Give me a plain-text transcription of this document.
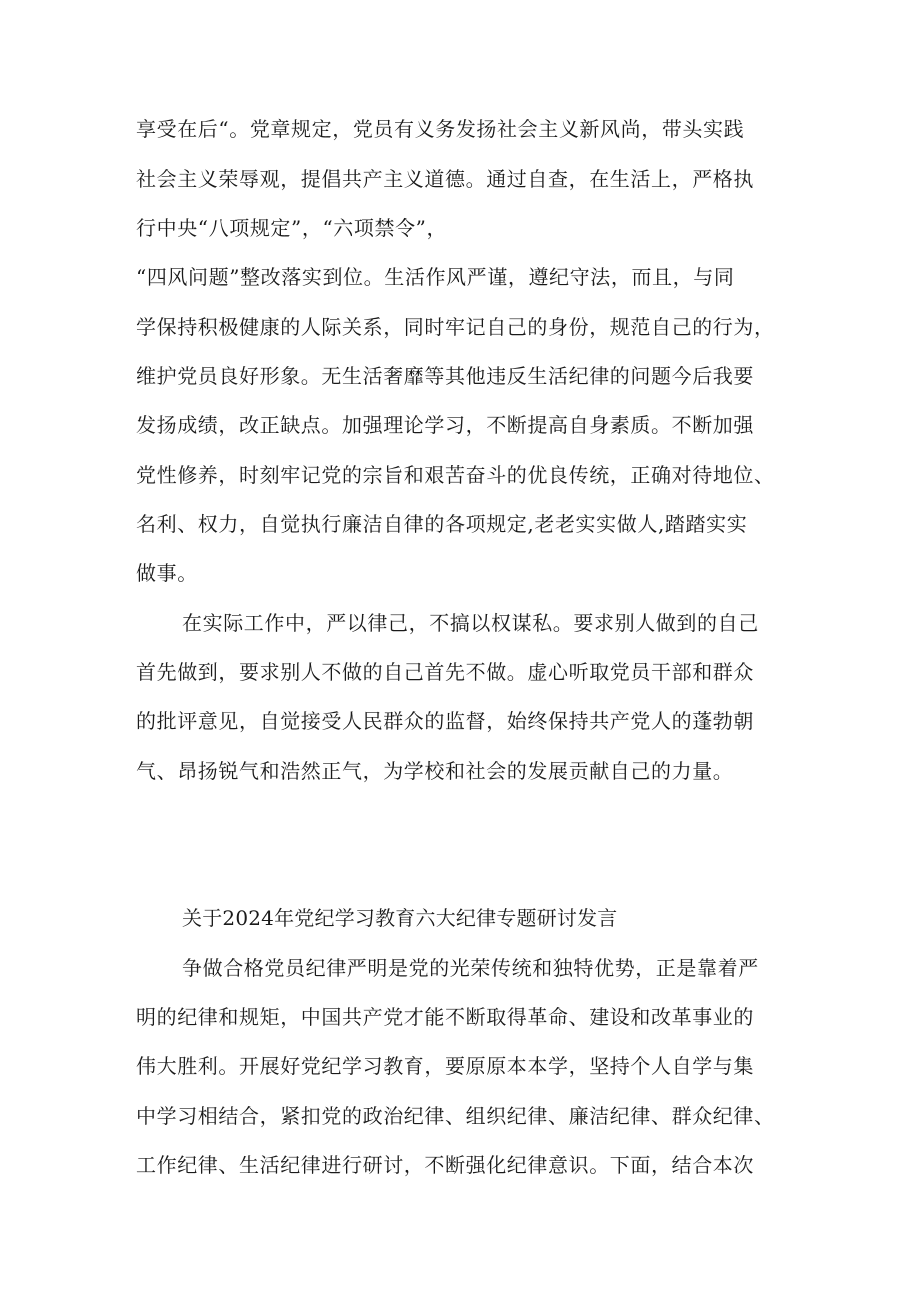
享受在后“。党章规定，党员有义务发扬社会主义新风尚，带头实践
社会主义荣辱观，提倡共产主义道德。通过自查，在生活上，严格执
行中央“八项规定”，“六项禁令”，
“四风问题”整改落实到位。生活作风严谨，遵纪守法，而且，与同
学保持积极健康的人际关系，同时牢记自己的身份，规范自己的行为，
维护党员良好形象。无生活奢靡等其他违反生活纪律的问题今后我要
发扬成绩，改正缺点。加强理论学习，不断提高自身素质。不断加强
党性修养，时刻牢记党的宗旨和艰苦奋斗的优良传统，正确对待地位、
名利、权力，自觉执行廉洁自律的各项规定,老老实实做人,踏踏实实
做事。
在实际工作中，严以律己，不搞以权谋私。要求别人做到的自己
首先做到，要求别人不做的自己首先不做。虚心听取党员干部和群众
的批评意见，自觉接受人民群众的监督，始终保持共产党人的蓬勃朝
气、昂扬锐气和浩然正气，为学校和社会的发展贡献自己的力量。
关于2024年党纪学习教育六大纪律专题研讨发言
争做合格党员纪律严明是党的光荣传统和独特优势，正是靠着严
明的纪律和规矩，中国共产党才能不断取得革命、建设和改革事业的
伟大胜利。开展好党纪学习教育，要原原本本学，坚持个人自学与集
中学习相结合，紧扣党的政治纪律、组织纪律、廉洁纪律、群众纪律、
工作纪律、生活纪律进行研讨，不断强化纪律意识。下面，结合本次
